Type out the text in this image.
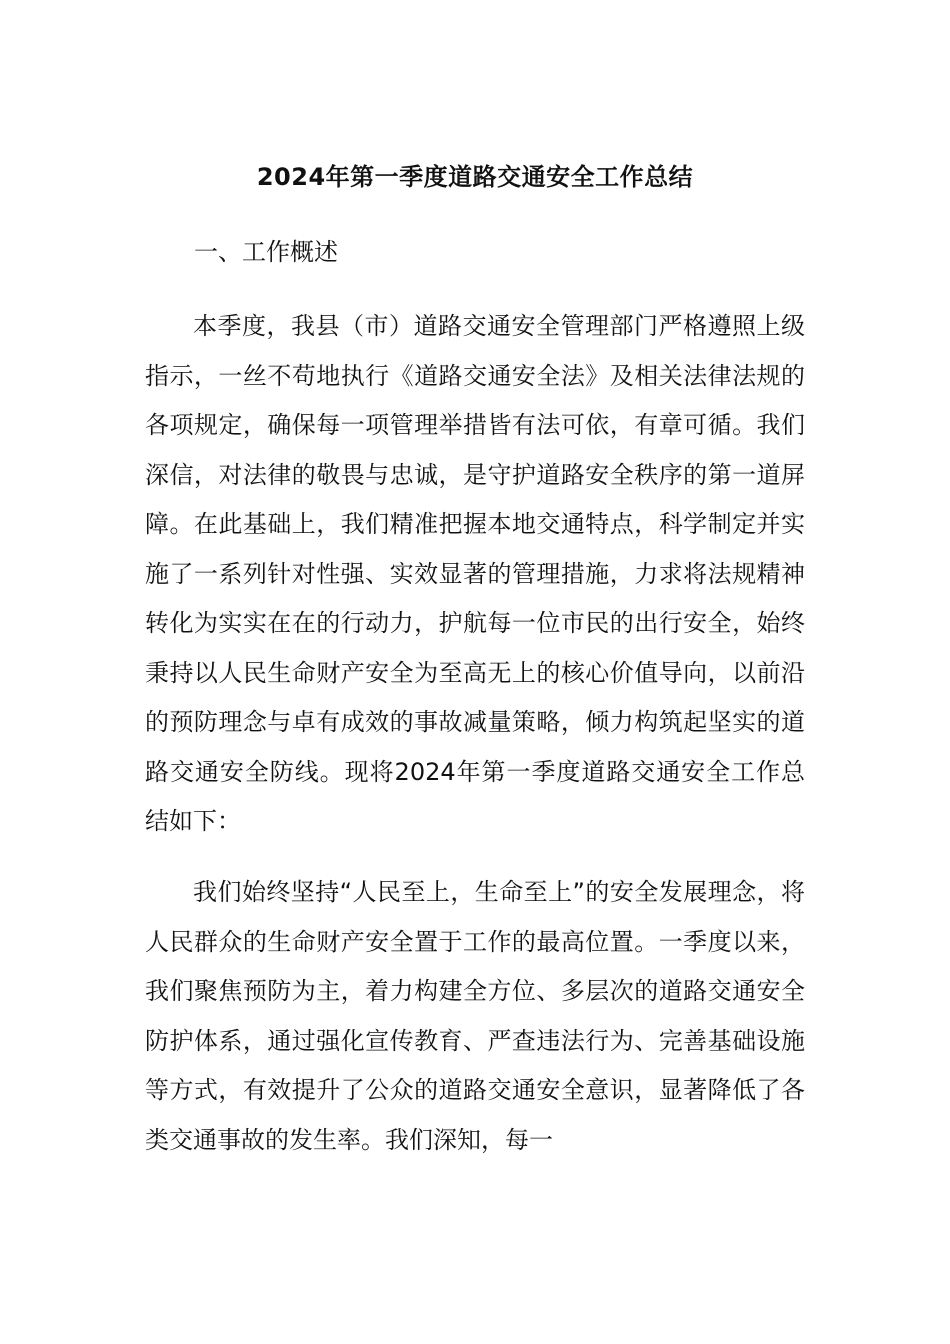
2024年第一季度道路交通安全工作总结
一、工作概述

本季度，我县（市）道路交通安全管理部门严格遵照上级指示，一丝不苟地执行《道路交通安全法》及相关法律法规的各项规定，确保每一项管理举措皆有法可依，有章可循。我们深信，对法律的敬畏与忠诚，是守护道路安全秩序的第一道屏障。在此基础上，我们精准把握本地交通特点，科学制定并实施了一系列针对性强、实效显著的管理措施，力求将法规精神转化为实实在在的行动力，护航每一位市民的出行安全，始终秉持以人民生命财产安全为至高无上的核心价值导向，以前沿的预防理念与卓有成效的事故减量策略，倾力构筑起坚实的道路交通安全防线。现将2024年第一季度道路交通安全工作总结如下：

我们始终坚持“人民至上，生命至上”的安全发展理念，将人民群众的生命财产安全置于工作的最高位置。一季度以来，我们聚焦预防为主，着力构建全方位、多层次的道路交通安全防护体系，通过强化宣传教育、严查违法行为、完善基础设施等方式，有效提升了公众的道路交通安全意识，显著降低了各类交通事故的发生率。我们深知，每一
